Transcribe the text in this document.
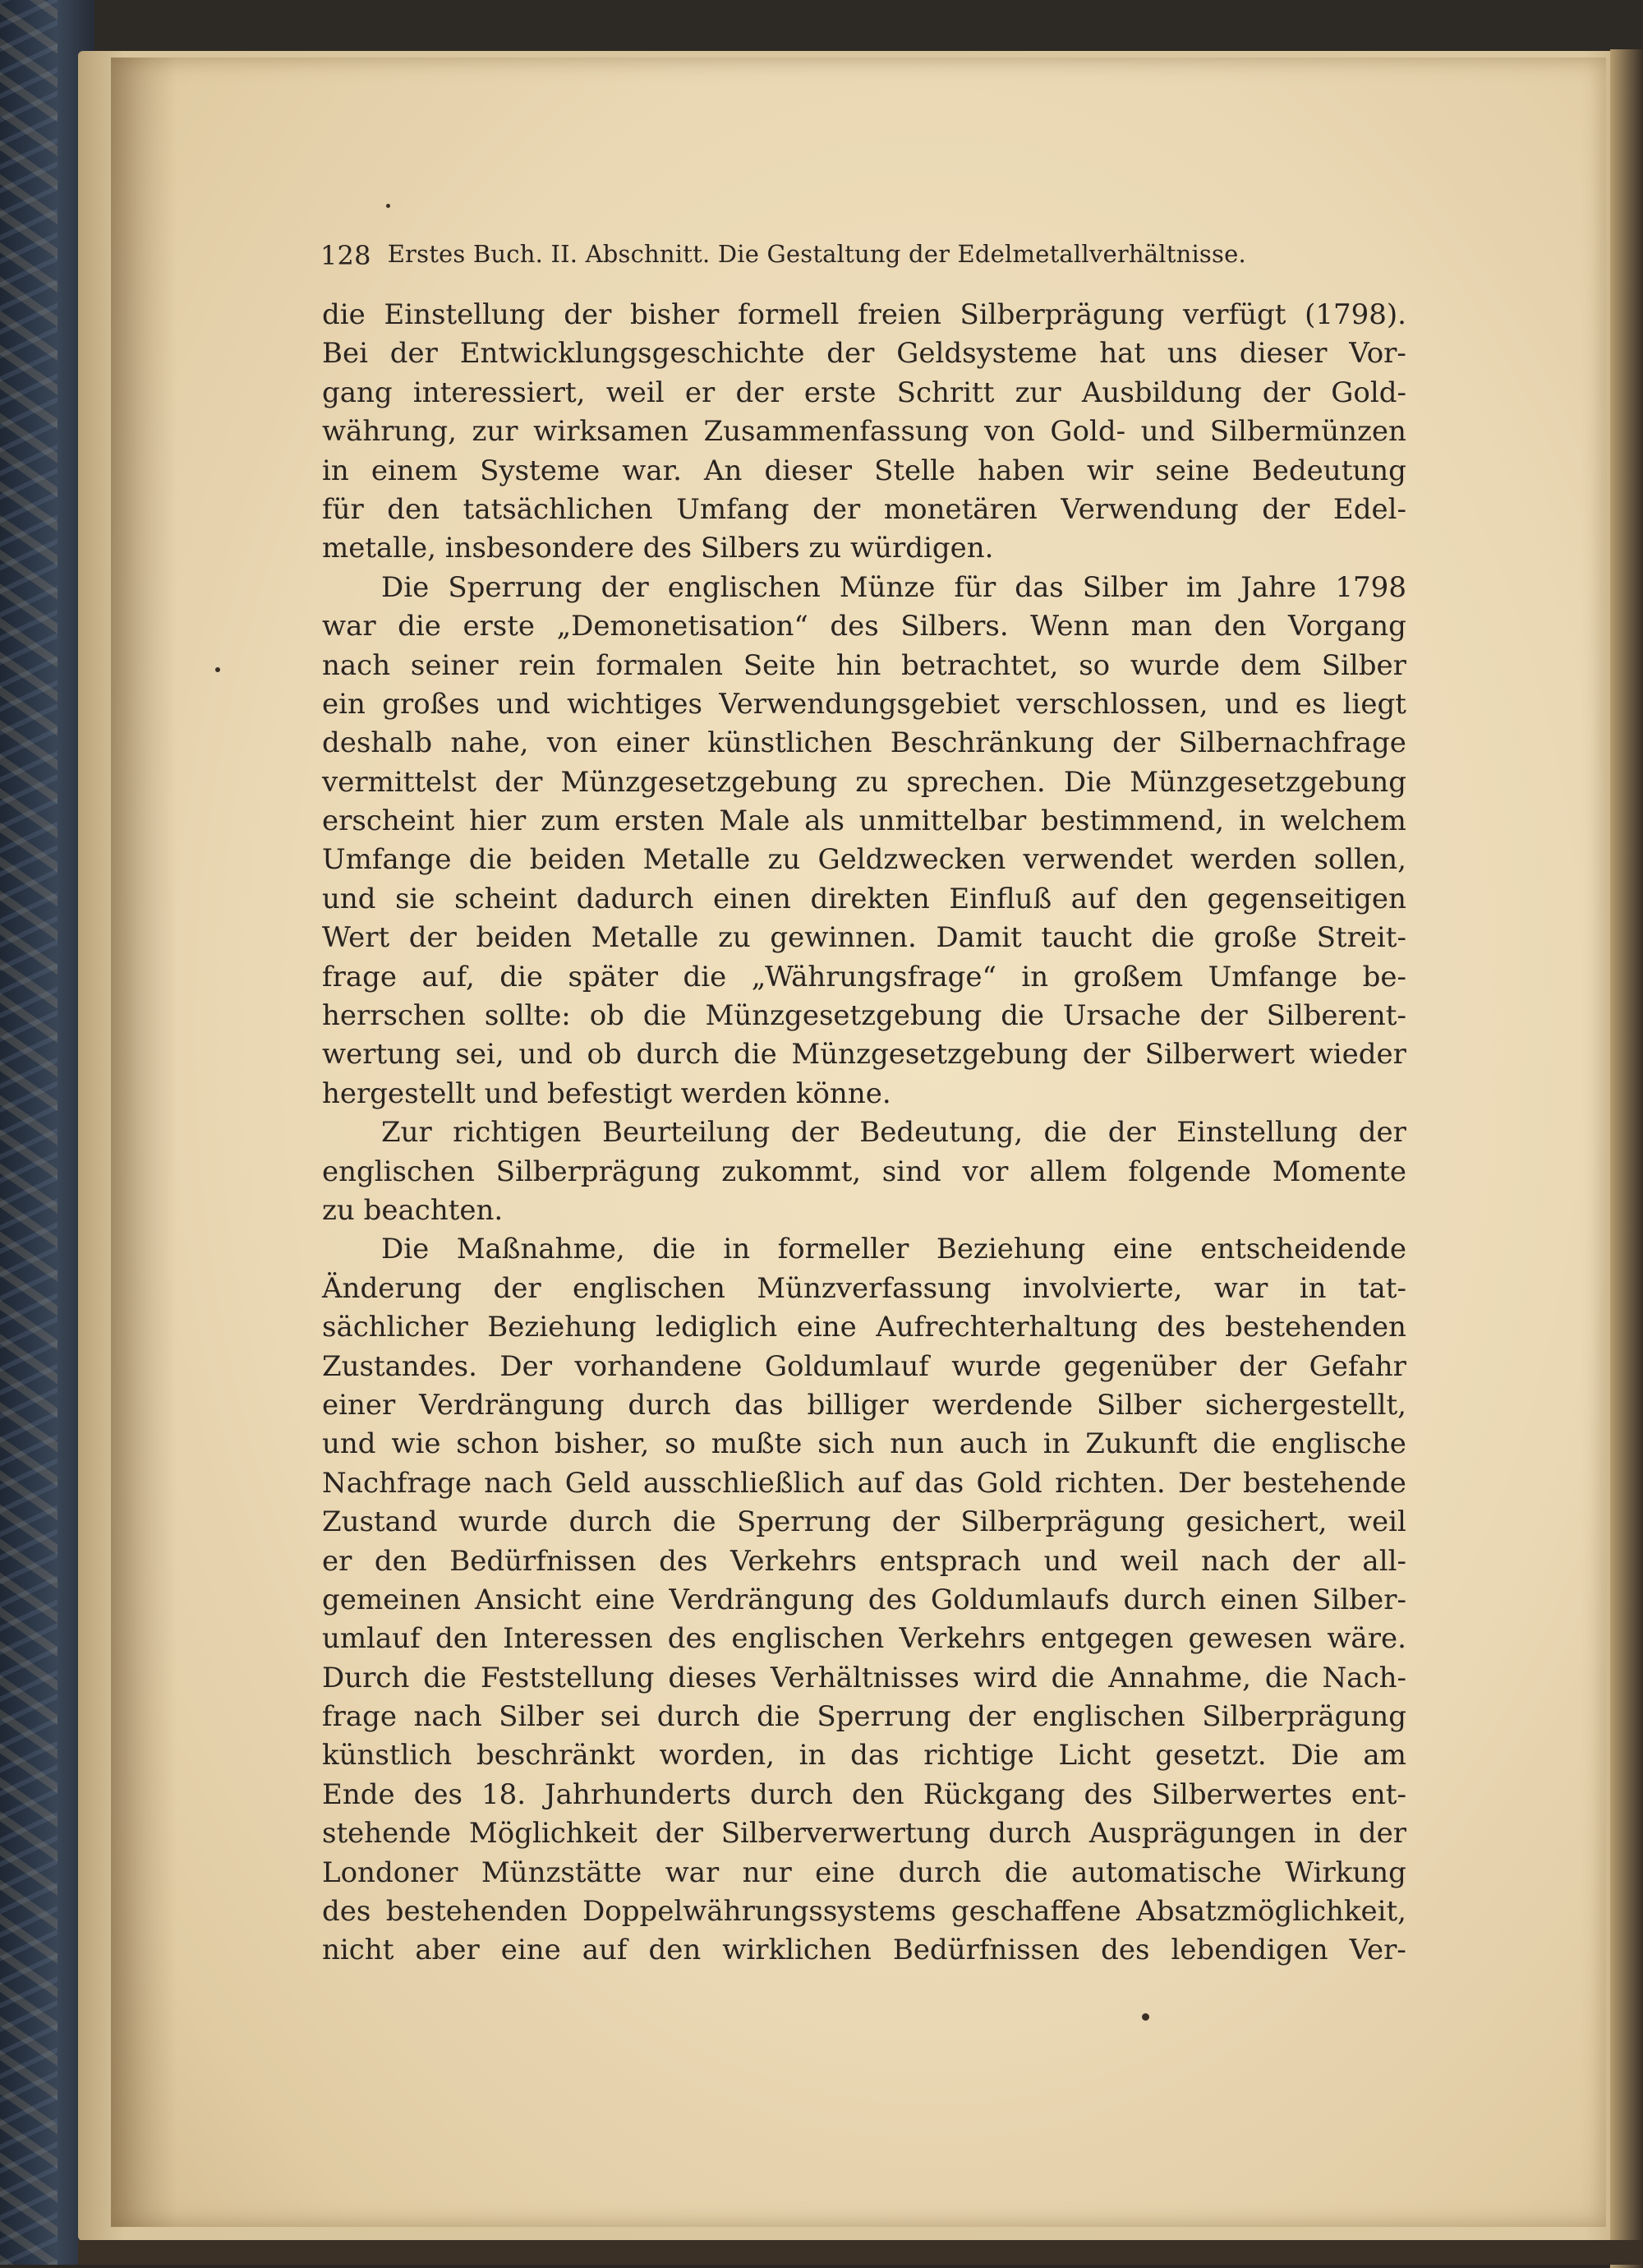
128 Erstes Buch. II. Abschnitt. Die Gestaltung der Edelmetallverhältnisse.
die Einstellung der bisher formell freien Silberprägung verfügt (1798).
Bei der Entwicklungsgeschichte der Geldsysteme hat uns dieser Vor-
gang interessiert, weil er der erste Schritt zur Ausbildung der Gold-
währung, zur wirksamen Zusammenfassung von Gold- und Silbermünzen
in einem Systeme war. An dieser Stelle haben wir seine Bedeutung
für den tatsächlichen Umfang der monetären Verwendung der Edel-
metalle, insbesondere des Silbers zu würdigen.
Die Sperrung der englischen Münze für das Silber im Jahre 1798
war die erste „Demonetisation“ des Silbers. Wenn man den Vorgang
nach seiner rein formalen Seite hin betrachtet, so wurde dem Silber
ein großes und wichtiges Verwendungsgebiet verschlossen, und es liegt
deshalb nahe, von einer künstlichen Beschränkung der Silbernachfrage
vermittelst der Münzgesetzgebung zu sprechen. Die Münzgesetzgebung
erscheint hier zum ersten Male als unmittelbar bestimmend, in welchem
Umfange die beiden Metalle zu Geldzwecken verwendet werden sollen,
und sie scheint dadurch einen direkten Einfluß auf den gegenseitigen
Wert der beiden Metalle zu gewinnen. Damit taucht die große Streit-
frage auf, die später die „Währungsfrage“ in großem Umfange be-
herrschen sollte: ob die Münzgesetzgebung die Ursache der Silberent-
wertung sei, und ob durch die Münzgesetzgebung der Silberwert wieder
hergestellt und befestigt werden könne.
Zur richtigen Beurteilung der Bedeutung, die der Einstellung der
englischen Silberprägung zukommt, sind vor allem folgende Momente
zu beachten.
Die Maßnahme, die in formeller Beziehung eine entscheidende
Änderung der englischen Münzverfassung involvierte, war in tat-
sächlicher Beziehung lediglich eine Aufrechterhaltung des bestehenden
Zustandes. Der vorhandene Goldumlauf wurde gegenüber der Gefahr
einer Verdrängung durch das billiger werdende Silber sichergestellt,
und wie schon bisher, so mußte sich nun auch in Zukunft die englische
Nachfrage nach Geld ausschließlich auf das Gold richten. Der bestehende
Zustand wurde durch die Sperrung der Silberprägung gesichert, weil
er den Bedürfnissen des Verkehrs entsprach und weil nach der all-
gemeinen Ansicht eine Verdrängung des Goldumlaufs durch einen Silber-
umlauf den Interessen des englischen Verkehrs entgegen gewesen wäre.
Durch die Feststellung dieses Verhältnisses wird die Annahme, die Nach-
frage nach Silber sei durch die Sperrung der englischen Silberprägung
künstlich beschränkt worden, in das richtige Licht gesetzt. Die am
Ende des 18. Jahrhunderts durch den Rückgang des Silberwertes ent-
stehende Möglichkeit der Silberverwertung durch Ausprägungen in der
Londoner Münzstätte war nur eine durch die automatische Wirkung
des bestehenden Doppelwährungssystems geschaffene Absatzmöglichkeit,
nicht aber eine auf den wirklichen Bedürfnissen des lebendigen Ver-
